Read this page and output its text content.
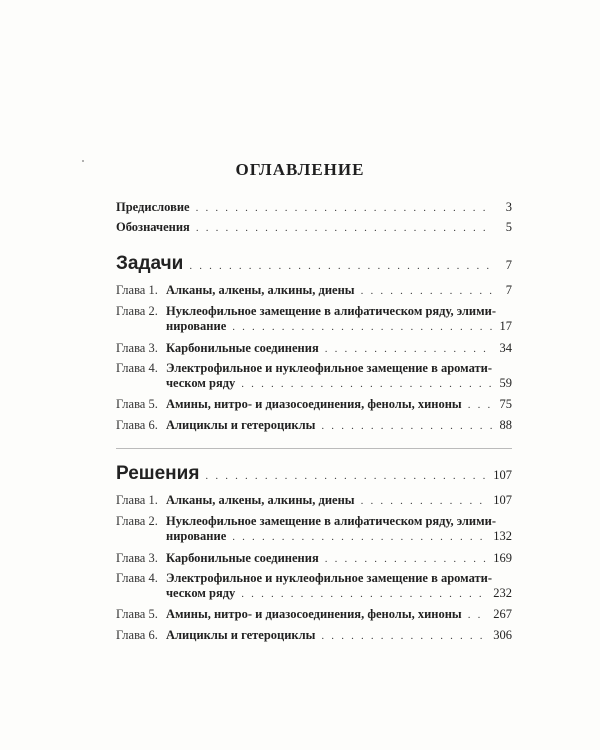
ОГЛАВЛЕНИЕ
Предисловие . . .	3
Обозначения . . .	5
Задачи . . .	7
Глава 1. Алканы, алкены, алкины, диены . . .	7
Глава 2. Нуклеофильное замещение в алифатическом ряду, элими-
нирование . . .	17
Глава 3. Карбонильные соединения . . .	34
Глава 4. Электрофильное и нуклеофильное замещение в аромати-
ческом ряду . . .	59
Глава 5. Амины, нитро- и диазосоединения, фенолы, хиноны . . .	75
Глава 6. Алициклы и гетероциклы . . .	88
Решения . . .	107
Глава 1. Алканы, алкены, алкины, диены . . .	107
Глава 2. Нуклеофильное замещение в алифатическом ряду, элими-
нирование . . .	132
Глава 3. Карбонильные соединения . . .	169
Глава 4. Электрофильное и нуклеофильное замещение в аромати-
ческом ряду . . .	232
Глава 5. Амины, нитро- и диазосоединения, фенолы, хиноны . . .	267
Глава 6. Алициклы и гетероциклы . . .	306
